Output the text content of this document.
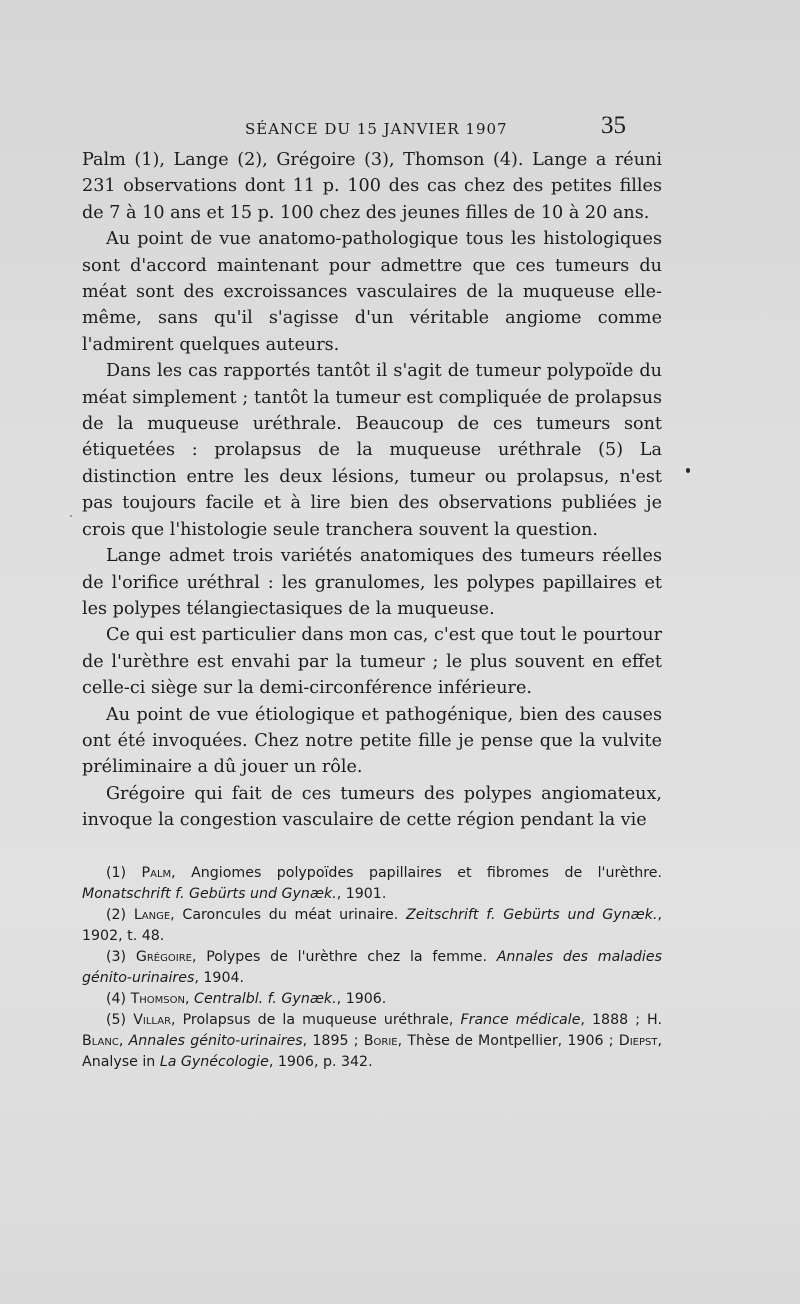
SÉANCE DU 15 JANVIER 1907	35

Palm (1), Lange (2), Grégoire (3), Thomson (4). Lange a réuni 231 observations dont 11 p. 100 des cas chez des petites filles de 7 à 10 ans et 15 p. 100 chez des jeunes filles de 10 à 20 ans.

Au point de vue anatomo-pathologique tous les histologiques sont d'accord maintenant pour admettre que ces tumeurs du méat sont des excroissances vasculaires de la muqueuse elle-même, sans qu'il s'agisse d'un véritable angiome comme l'admirent quelques auteurs.

Dans les cas rapportés tantôt il s'agit de tumeur polypoïde du méat simplement ; tantôt la tumeur est compliquée de prolapsus de la muqueuse uréthrale. Beaucoup de ces tumeurs sont étiquetées : prolapsus de la muqueuse uréthrale (5) La distinction entre les deux lésions, tumeur ou prolapsus, n'est pas toujours facile et à lire bien des observations publiées je crois que l'histologie seule tranchera souvent la question.

Lange admet trois variétés anatomiques des tumeurs réelles de l'orifice uréthral : les granulomes, les polypes papillaires et les polypes télangiectasiques de la muqueuse.

Ce qui est particulier dans mon cas, c'est que tout le pourtour de l'urèthre est envahi par la tumeur ; le plus souvent en effet celle-ci siège sur la demi-circonférence inférieure.

Au point de vue étiologique et pathogénique, bien des causes ont été invoquées. Chez notre petite fille je pense que la vulvite préliminaire a dû jouer un rôle.

Grégoire qui fait de ces tumeurs des polypes angiomateux, invoque la congestion vasculaire de cette région pendant la vie

(1) Palm, Angiomes polypoïdes papillaires et fibromes de l'urèthre. Monatschrift f. Gebürts und Gynæk., 1901.

(2) Lange, Caroncules du méat urinaire. Zeitschrift f. Gebürts und Gynæk., 1902, t. 48.

(3) Grégoire, Polypes de l'urèthre chez la femme. Annales des maladies génito-urinaires, 1904.

(4) Thomson, Centralbl. f. Gynæk., 1906.

(5) Villar, Prolapsus de la muqueuse uréthrale, France médicale, 1888 ; H. Blanc, Annales génito-urinaires, 1895 ; Borie, Thèse de Montpellier, 1906 ; Diepst, Analyse in La Gynécologie, 1906, p. 342.
